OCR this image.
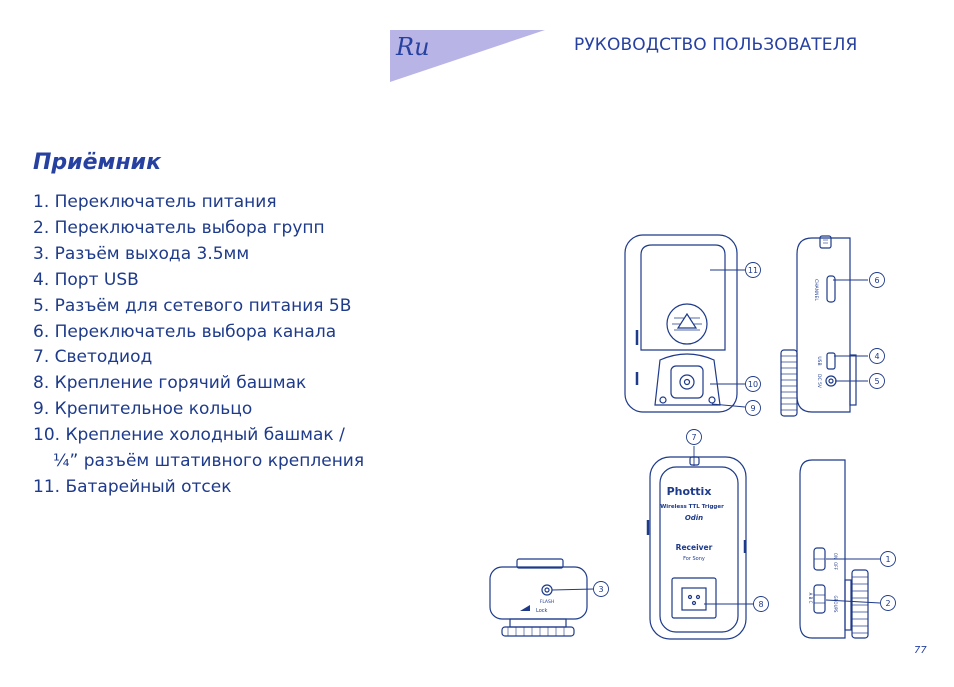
Ru	РУКОВОДСТВО ПОЛЬЗОВАТЕЛЯ
Приёмник
1. Переключатель питания
2. Переключатель выбора групп
3. Разъём выхода 3.5мм
4. Порт USB
5. Разъём для сетевого питания 5В
6. Переключатель выбора канала
7. Светодиод
8. Крепление горячий башмак
9. Крепительное кольцо
10. Крепление холодный башмак /
¼” разъём штативного крепления
11. Батарейный отсек
CHANNEL
USB
DC 5V
Phottix
Wireless TTL Trigger
Odin
Receiver
For Sony	ON
OFF
GROUPS
A B C
FLASH
Lock
11
10
9
6
4
5
7
1
2
3
8
77
